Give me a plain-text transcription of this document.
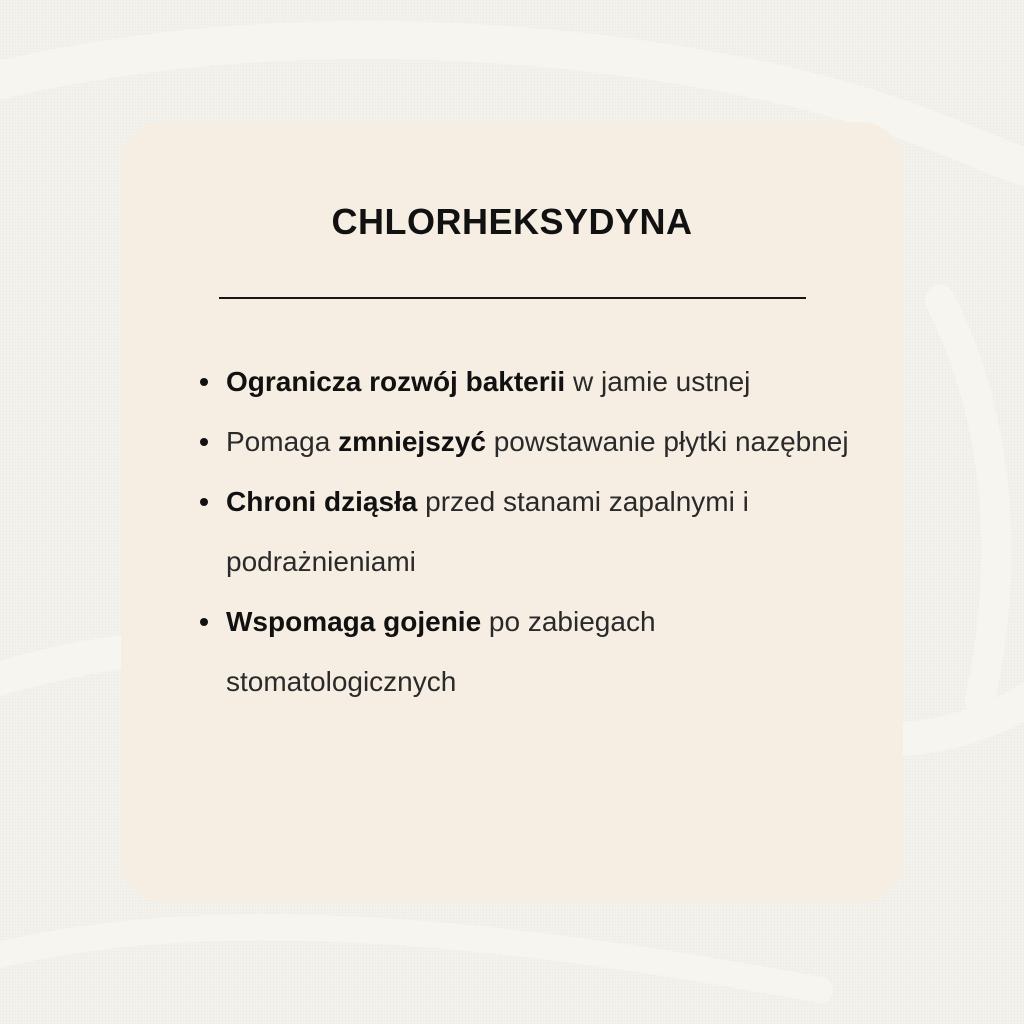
CHLORHEKSYDYNA
Ogranicza rozwój bakterii w jamie ustnej
Pomaga zmniejszyć powstawanie płytki nazębnej
Chroni dziąsła przed stanami zapalnymi i podrażnieniami
Wspomaga gojenie po zabiegach stomatologicznych
